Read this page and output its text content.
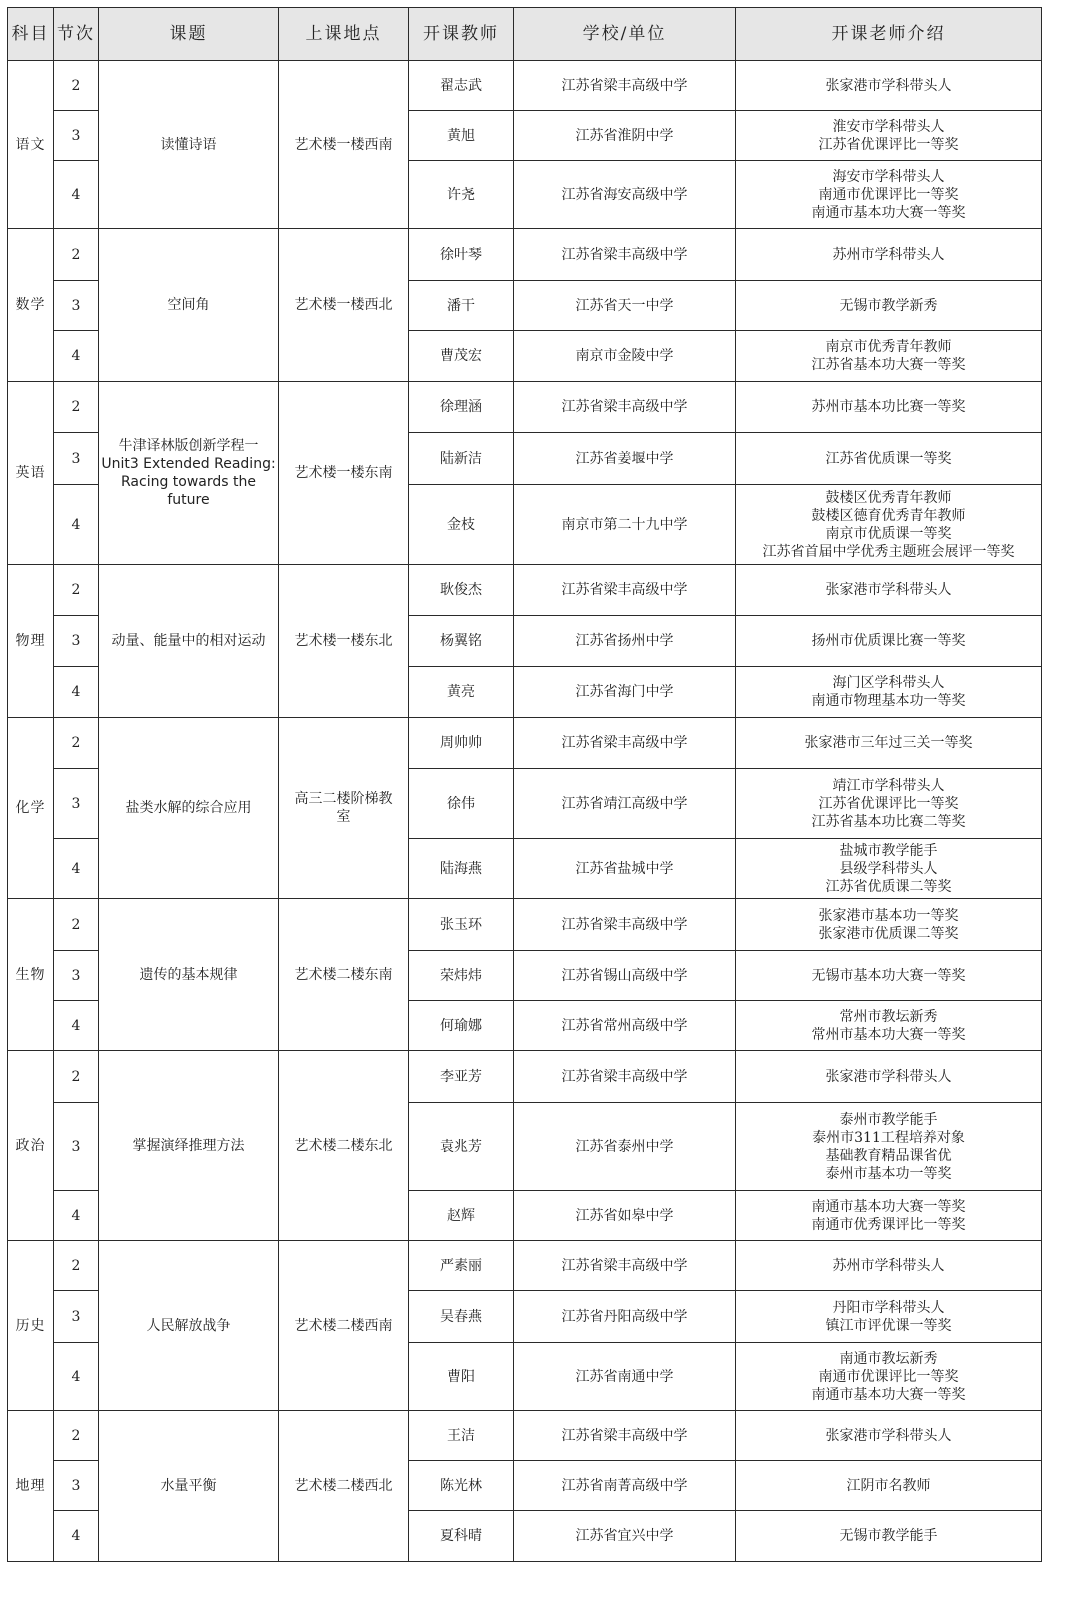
科目	节次	课题	上课地点	开课教师	学校/单位	开课老师介绍
语文	2	读懂诗语	艺术楼一楼西南	翟志武	江苏省梁丰高级中学	张家港市学科带头人

	3			黄旭	江苏省淮阴中学	淮安市学科带头人
江苏省优课评比一等奖

	4			许尧	江苏省海安高级中学	海安市学科带头人
南通市优课评比一等奖
南通市基本功大赛一等奖

数学	2	空间角	艺术楼一楼西北	徐叶琴	江苏省梁丰高级中学	苏州市学科带头人

	3			潘干	江苏省天一中学	无锡市教学新秀

	4			曹茂宏	南京市金陵中学	南京市优秀青年教师
江苏省基本功大赛一等奖

英语	2	牛津译林版创新学程一
Unit3 Extended Reading:
Racing towards the future	艺术楼一楼东南	徐理涵	江苏省梁丰高级中学	苏州市基本功比赛一等奖

	3			陆新洁	江苏省姜堰中学	江苏省优质课一等奖

	4			金枝	南京市第二十九中学	鼓楼区优秀青年教师
鼓楼区德育优秀青年教师
南京市优质课一等奖
江苏省首届中学优秀主题班会展评一等奖

物理	2	动量、能量中的相对运动	艺术楼一楼东北	耿俊杰	江苏省梁丰高级中学	张家港市学科带头人

	3			杨翼铭	江苏省扬州中学	扬州市优质课比赛一等奖

	4			黄亮	江苏省海门中学	海门区学科带头人
南通市物理基本功一等奖

化学	2	盐类水解的综合应用	高三二楼阶梯教室	周帅帅	江苏省梁丰高级中学	张家港市三年过三关一等奖

	3			徐伟	江苏省靖江高级中学	靖江市学科带头人
江苏省优课评比一等奖
江苏省基本功比赛二等奖

	4			陆海燕	江苏省盐城中学	盐城市教学能手
县级学科带头人
江苏省优质课二等奖

生物	2	遗传的基本规律	艺术楼二楼东南	张玉环	江苏省梁丰高级中学	张家港市基本功一等奖
张家港市优质课二等奖

	3			荣炜炜	江苏省锡山高级中学	无锡市基本功大赛一等奖

	4			何瑜娜	江苏省常州高级中学	常州市教坛新秀
常州市基本功大赛一等奖

政治	2	掌握演绎推理方法	艺术楼二楼东北	李亚芳	江苏省梁丰高级中学	张家港市学科带头人

	3			袁兆芳	江苏省泰州中学	泰州市教学能手
泰州市311工程培养对象
基础教育精品课省优
泰州市基本功一等奖

	4			赵辉	江苏省如皋中学	南通市基本功大赛一等奖
南通市优秀课评比一等奖

历史	2	人民解放战争	艺术楼二楼西南	严素丽	江苏省梁丰高级中学	苏州市学科带头人

	3			吴春燕	江苏省丹阳高级中学	丹阳市学科带头人
镇江市评优课一等奖

	4			曹阳	江苏省南通中学	南通市教坛新秀
南通市优课评比一等奖
南通市基本功大赛一等奖

地理	2	水量平衡	艺术楼二楼西北	王洁	江苏省梁丰高级中学	张家港市学科带头人

	3			陈光林	江苏省南菁高级中学	江阴市名教师

	4			夏科晴	江苏省宜兴中学	无锡市教学能手
